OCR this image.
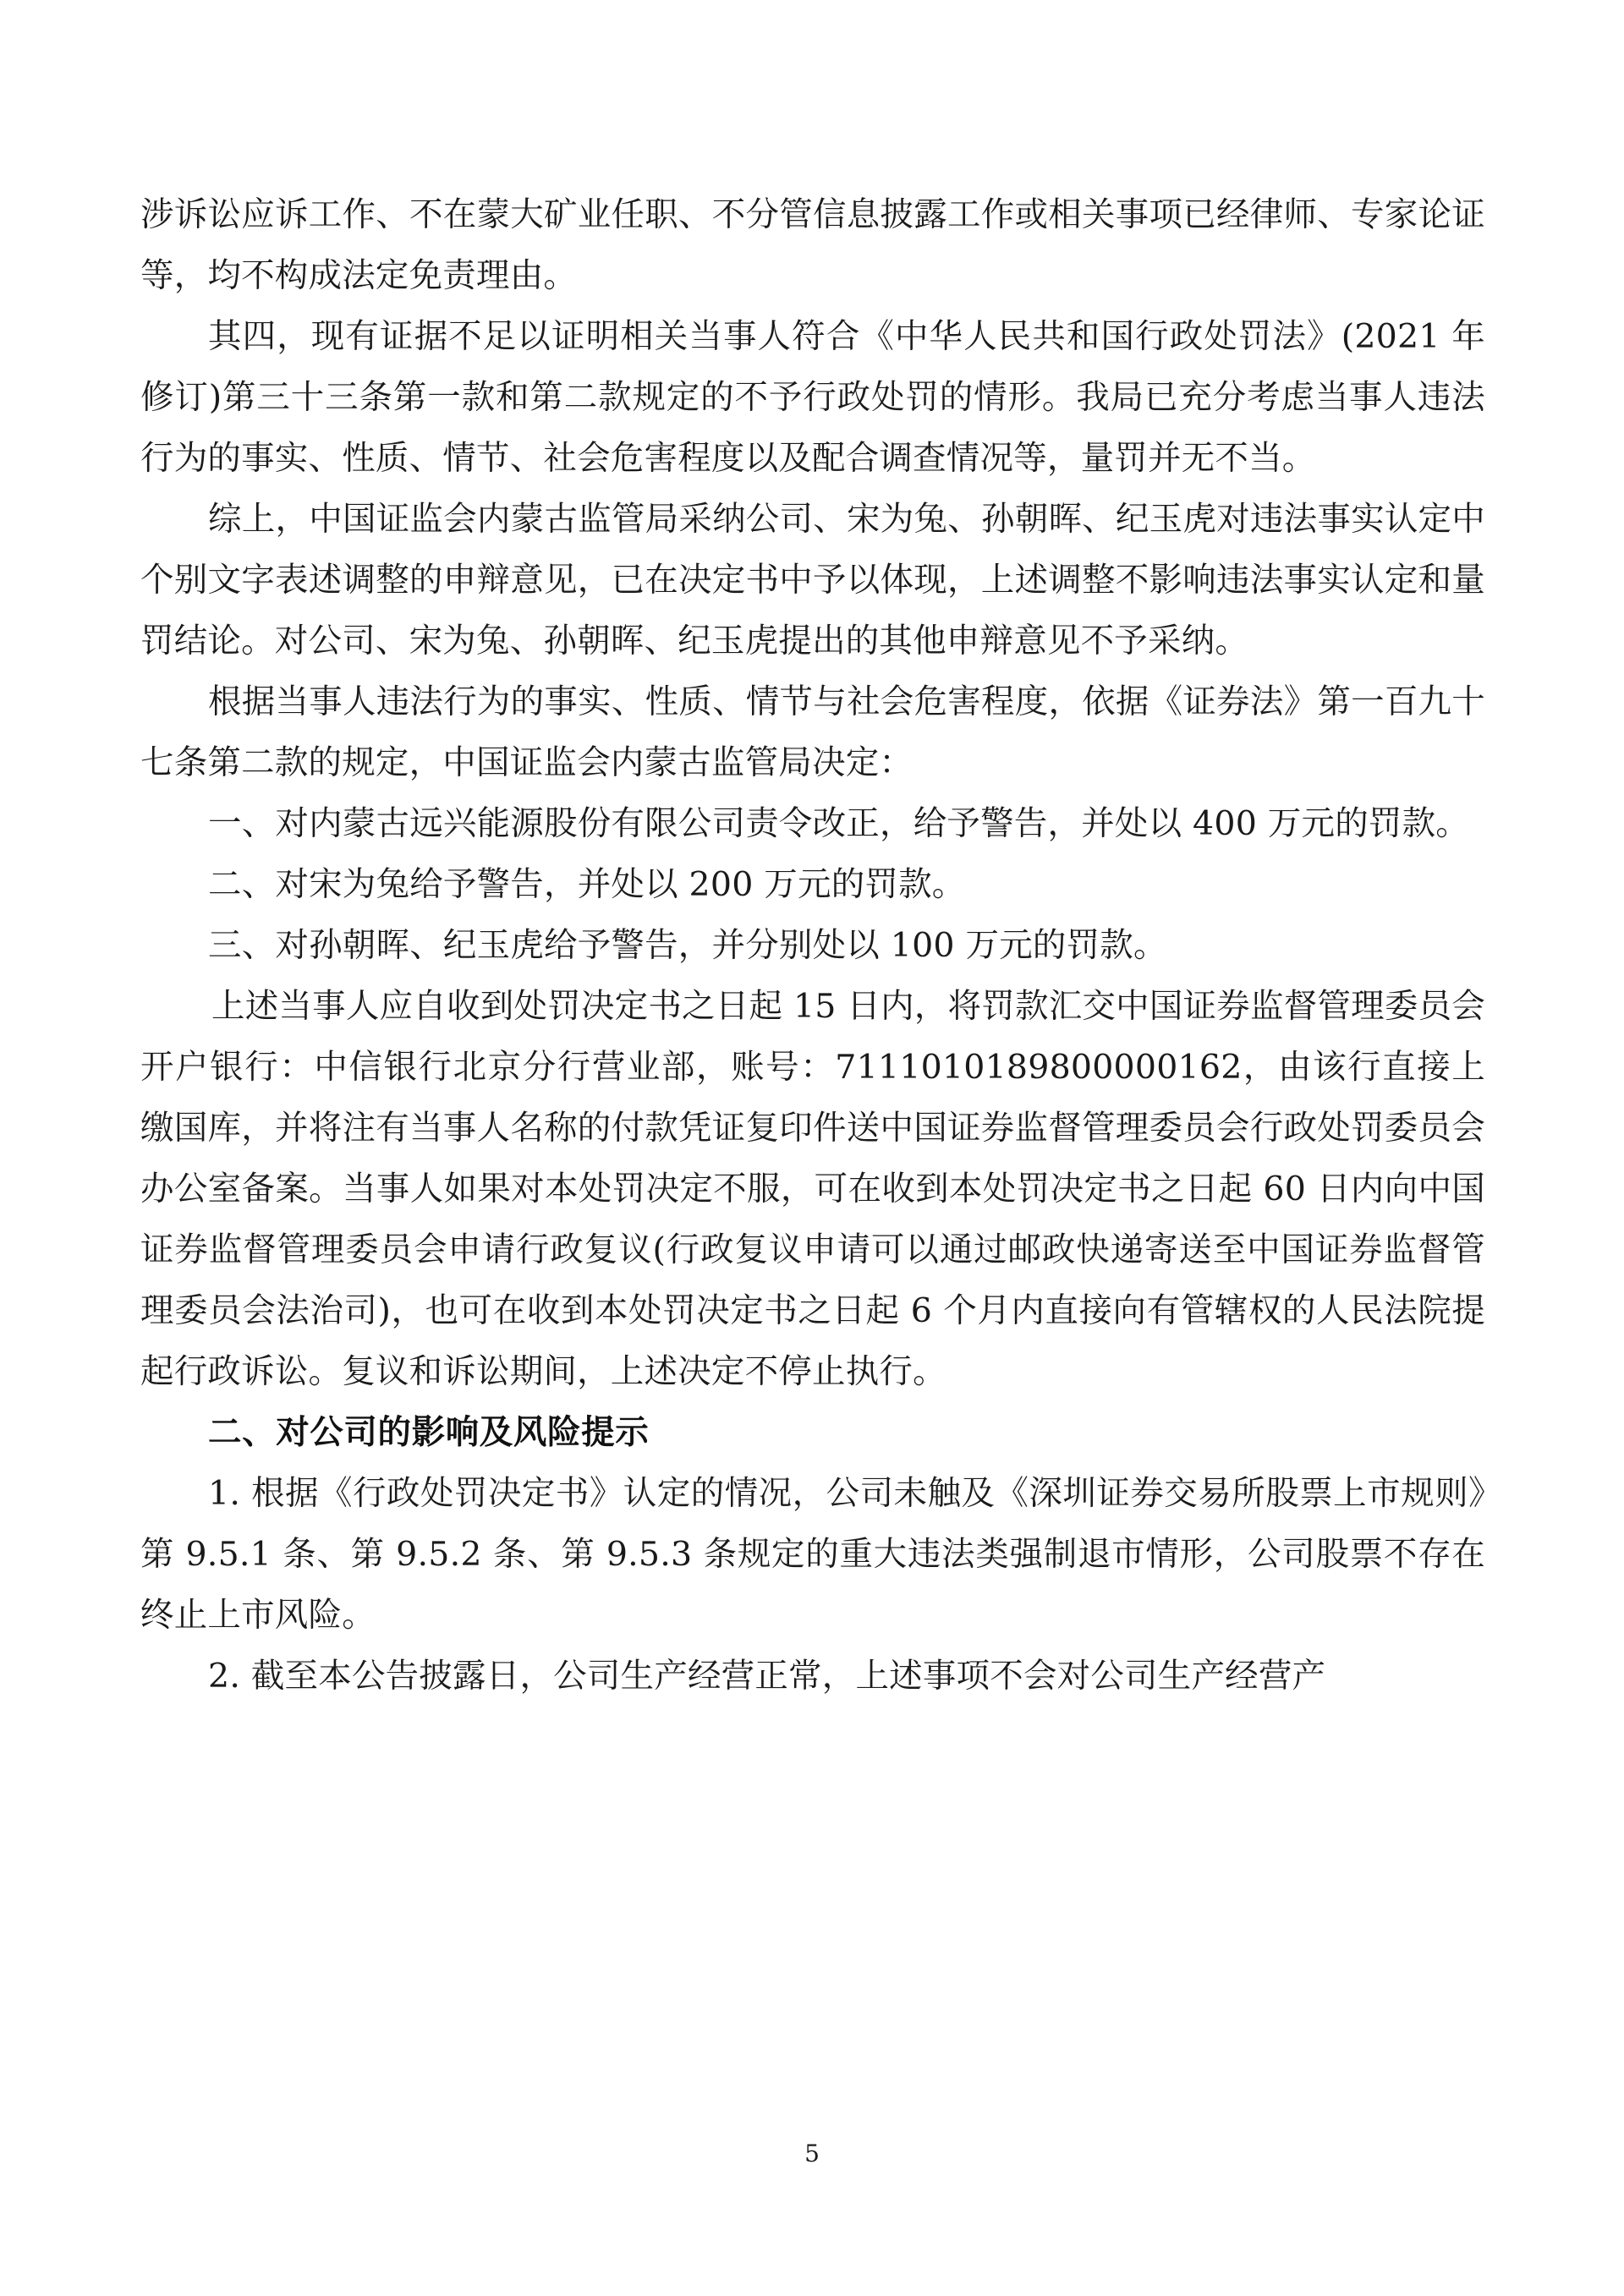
涉诉讼应诉工作、不在蒙大矿业任职、不分管信息披露工作或相关事项已经律师、专家论证等，均不构成法定免责理由。

其四，现有证据不足以证明相关当事人符合《中华人民共和国行政处罚法》(2021 年修订)第三十三条第一款和第二款规定的不予行政处罚的情形。我局已充分考虑当事人违法行为的事实、性质、情节、社会危害程度以及配合调查情况等，量罚并无不当。

综上，中国证监会内蒙古监管局采纳公司、宋为兔、孙朝晖、纪玉虎对违法事实认定中个别文字表述调整的申辩意见，已在决定书中予以体现，上述调整不影响违法事实认定和量罚结论。对公司、宋为兔、孙朝晖、纪玉虎提出的其他申辩意见不予采纳。

根据当事人违法行为的事实、性质、情节与社会危害程度，依据《证券法》第一百九十七条第二款的规定，中国证监会内蒙古监管局决定：

一、对内蒙古远兴能源股份有限公司责令改正，给予警告，并处以 400 万元的罚款。

二、对宋为兔给予警告，并处以 200 万元的罚款。

三、对孙朝晖、纪玉虎给予警告，并分别处以 100 万元的罚款。

上述当事人应自收到处罚决定书之日起 15 日内，将罚款汇交中国证券监督管理委员会开户银行：中信银行北京分行营业部，账号：7111010189800000162，由该行直接上缴国库，并将注有当事人名称的付款凭证复印件送中国证券监督管理委员会行政处罚委员会办公室备案。当事人如果对本处罚决定不服，可在收到本处罚决定书之日起 60 日内向中国证券监督管理委员会申请行政复议(行政复议申请可以通过邮政快递寄送至中国证券监督管理委员会法治司)，也可在收到本处罚决定书之日起 6 个月内直接向有管辖权的人民法院提起行政诉讼。复议和诉讼期间，上述决定不停止执行。

二、对公司的影响及风险提示

1. 根据《行政处罚决定书》认定的情况，公司未触及《深圳证券交易所股票上市规则》第 9.5.1 条、第 9.5.2 条、第 9.5.3 条规定的重大违法类强制退市情形，公司股票不存在终止上市风险。

2. 截至本公告披露日，公司生产经营正常，上述事项不会对公司生产经营产

5
